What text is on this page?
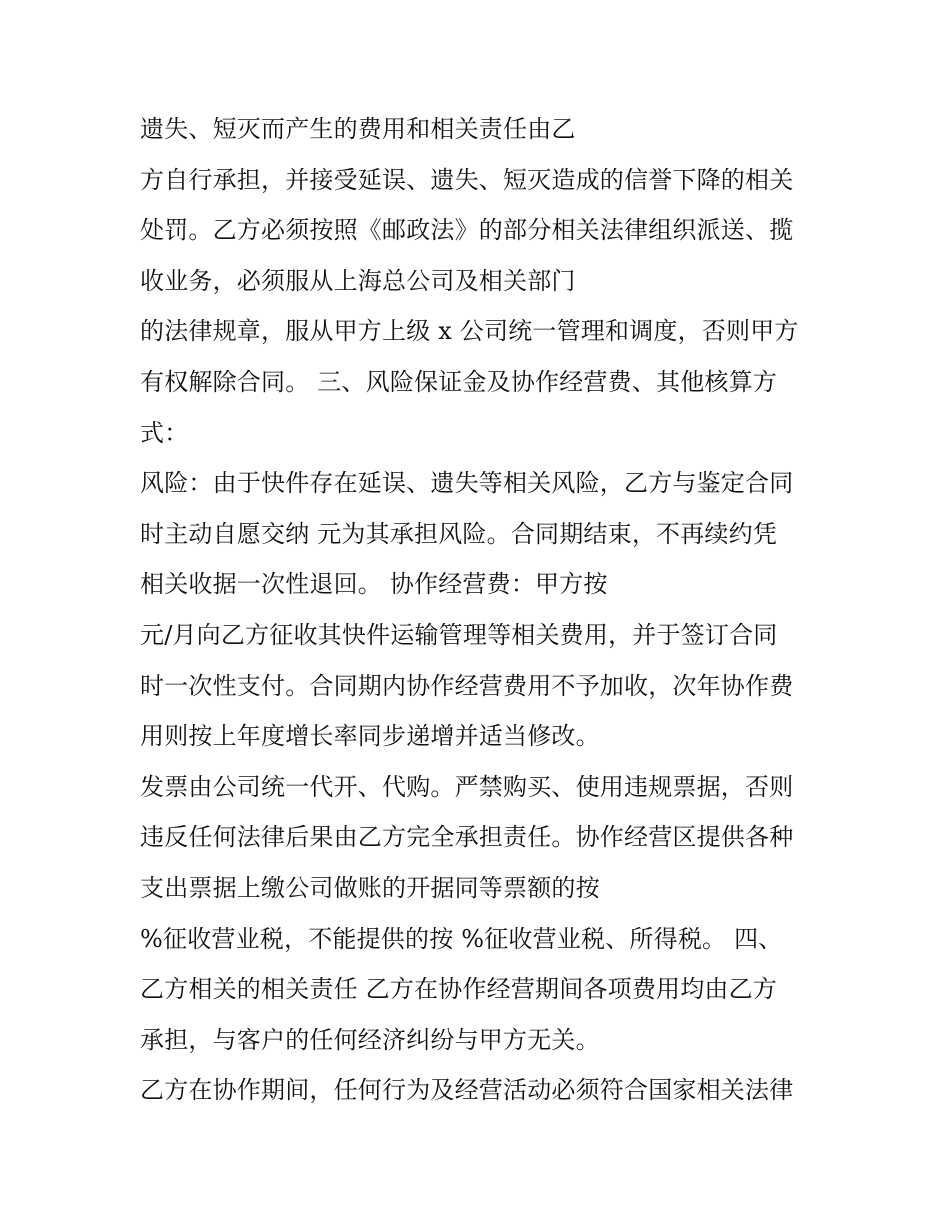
遗失、短灭而产生的费用和相关责任由乙
方自行承担，并接受延误、遗失、短灭造成的信誉下降的相关
处罚。乙方必须按照《邮政法》的部分相关法律组织派送、揽
收业务，必须服从上海总公司及相关部门
的法律规章，服从甲方上级 x 公司统一管理和调度，否则甲方
有权解除合同。 三、风险保证金及协作经营费、其他核算方
式：
风险：由于快件存在延误、遗失等相关风险，乙方与鉴定合同
时主动自愿交纳 元为其承担风险。合同期结束，不再续约凭
相关收据一次性退回。 协作经营费：甲方按
元/月向乙方征收其快件运输管理等相关费用，并于签订合同
时一次性支付。合同期内协作经营费用不予加收，次年协作费
用则按上年度增长率同步递增并适当修改。
发票由公司统一代开、代购。严禁购买、使用违规票据，否则
违反任何法律后果由乙方完全承担责任。协作经营区提供各种
支出票据上缴公司做账的开据同等票额的按
%征收营业税，不能提供的按 %征收营业税、所得税。 四、
乙方相关的相关责任 乙方在协作经营期间各项费用均由乙方
承担，与客户的任何经济纠纷与甲方无关。
乙方在协作期间，任何行为及经营活动必须符合国家相关法律
